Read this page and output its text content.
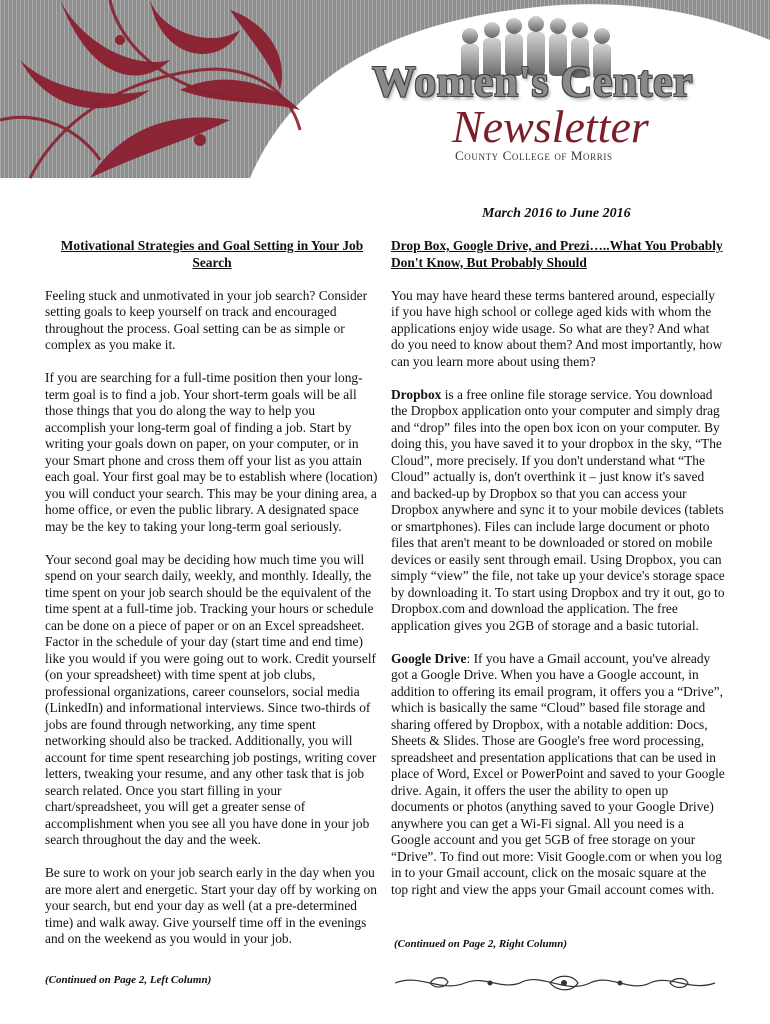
Women's Center
Newsletter
County College of Morris
March 2016 to June 2016

Motivational Strategies and Goal Setting in Your Job Search

Feeling stuck and unmotivated in your job search? Consider setting goals to keep yourself on track and encouraged throughout the process. Goal setting can be as simple or complex as you make it.

If you are searching for a full-time position then your long-term goal is to find a job. Your short-term goals will be all those things that you do along the way to help you accomplish your long-term goal of finding a job. Start by writing your goals down on paper, on your computer, or in your Smart phone and cross them off your list as you attain each goal. Your first goal may be to establish where (location) you will conduct your search. This may be your dining area, a home office, or even the public library. A designated space may be the key to taking your long-term goal seriously.

Your second goal may be deciding how much time you will spend on your search daily, weekly, and monthly. Ideally, the time spent on your job search should be the equivalent of the time spent at a full-time job. Tracking your hours or schedule can be done on a piece of paper or on an Excel spreadsheet. Factor in the schedule of your day (start time and end time) like you would if you were going out to work. Credit yourself (on your spreadsheet) with time spent at job clubs, professional organizations, career counselors, social media (LinkedIn) and informational interviews. Since two-thirds of jobs are found through networking, any time spent networking should also be tracked. Additionally, you will account for time spent researching job postings, writing cover letters, tweaking your resume, and any other task that is job search related. Once you start filling in your chart/spreadsheet, you will get a greater sense of accomplishment when you see all you have done in your job search throughout the day and the week.

Be sure to work on your job search early in the day when you are more alert and energetic. Start your day off by working on your search, but end your day as well (at a pre-determined time) and walk away. Give yourself time off in the evenings and on the weekend as you would in your job.

(Continued on Page 2, Left Column)

Drop Box, Google Drive, and Prezi…..What You Probably Don't Know, But Probably Should

You may have heard these terms bantered around, especially if you have high school or college aged kids with whom the applications enjoy wide usage. So what are they? And what do you need to know about them? And most importantly, how can you learn more about using them?

Dropbox is a free online file storage service. You download the Dropbox application onto your computer and simply drag and “drop” files into the open box icon on your computer. By doing this, you have saved it to your dropbox in the sky, “The Cloud”, more precisely. If you don't understand what “The Cloud” actually is, don't overthink it – just know it's saved and backed-up by Dropbox so that you can access your Dropbox anywhere and sync it to your mobile devices (tablets or smartphones). Files can include large document or photo files that aren't meant to be downloaded or stored on mobile devices or easily sent through email. Using Dropbox, you can simply “view” the file, not take up your device's storage space by downloading it. To start using Dropbox and try it out, go to Dropbox.com and download the application. The free application gives you 2GB of storage and a basic tutorial.

Google Drive: If you have a Gmail account, you've already got a Google Drive. When you have a Google account, in addition to offering its email program, it offers you a “Drive”, which is basically the same “Cloud” based file storage and sharing offered by Dropbox, with a notable addition: Docs, Sheets & Slides. Those are Google's free word processing, spreadsheet and presentation applications that can be used in place of Word, Excel or PowerPoint and saved to your Google drive. Again, it offers the user the ability to open up documents or photos (anything saved to your Google Drive) anywhere you can get a Wi-Fi signal. All you need is a Google account and you get 5GB of free storage on your “Drive”. To find out more: Visit Google.com or when you log in to your Gmail account, click on the mosaic square at the top right and view the apps your Gmail account comes with.

(Continued on Page 2, Right Column)
